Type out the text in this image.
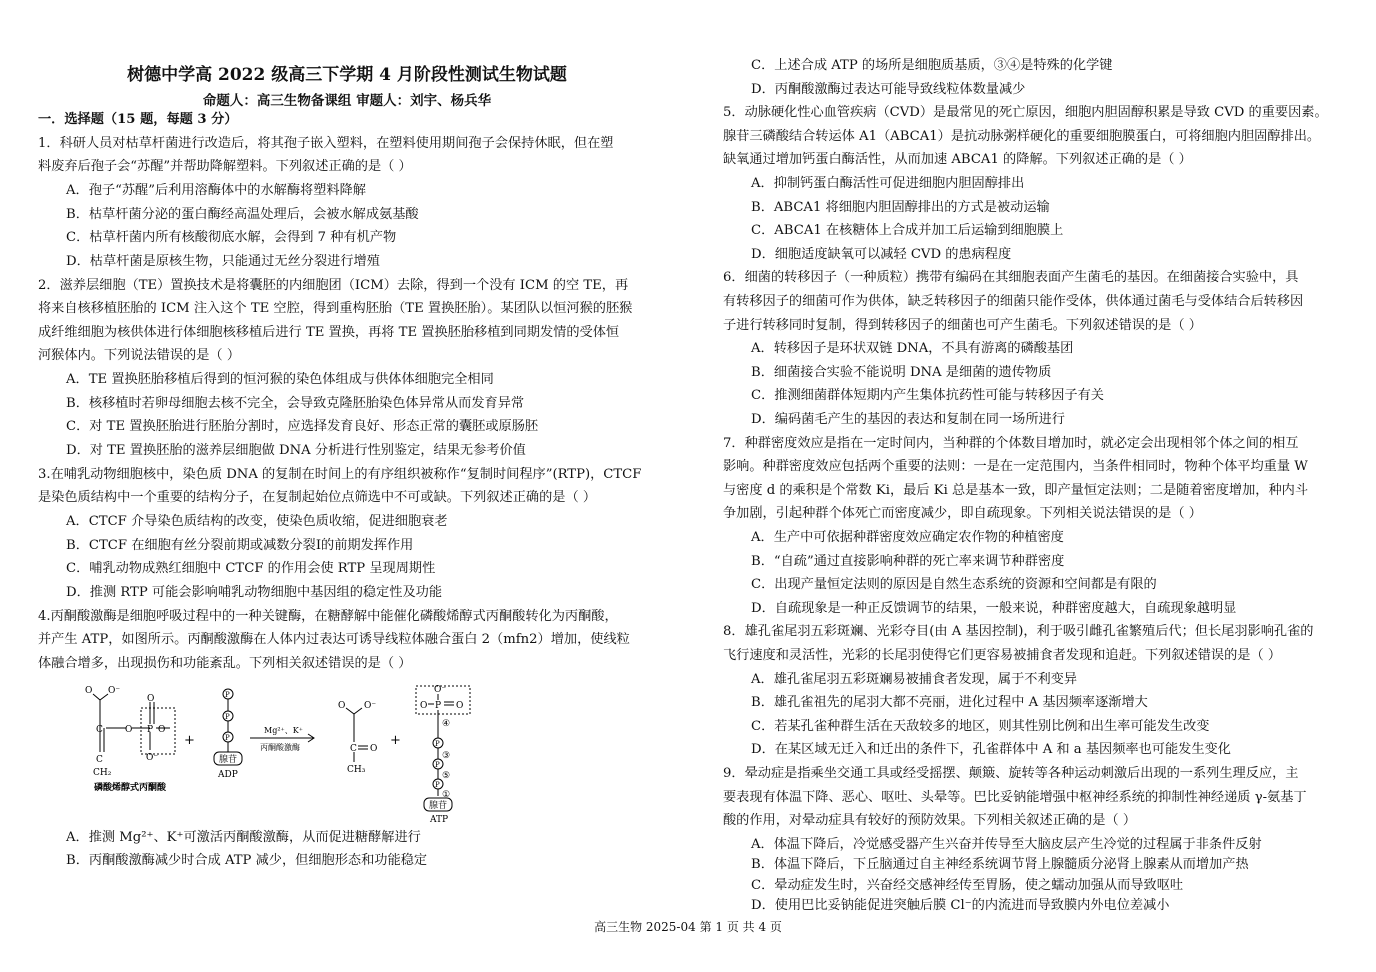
树德中学高 2022 级高三下学期 4 月阶段性测试生物试题
命题人：高三生物备课组 审题人：刘宇、杨兵华
一．选择题（15 题，每题 3 分）
1．科研人员对枯草杆菌进行改造后，将其孢子嵌入塑料，在塑料使用期间孢子会保持休眠，但在塑
料废弃后孢子会“苏醒”并帮助降解塑料。下列叙述正确的是（ ）
A．孢子“苏醒”后利用溶酶体中的水解酶将塑料降解
B．枯草杆菌分泌的蛋白酶经高温处理后，会被水解成氨基酸
C．枯草杆菌内所有核酸彻底水解，会得到 7 种有机产物
D．枯草杆菌是原核生物，只能通过无丝分裂进行增殖
2．滋养层细胞（TE）置换技术是将囊胚的内细胞团（ICM）去除，得到一个没有 ICM 的空 TE，再
将来自核移植胚胎的 ICM 注入这个 TE 空腔，得到重构胚胎（TE 置换胚胎）。某团队以恒河猴的胚猴
成纤维细胞为核供体进行体细胞核移植后进行 TE 置换，再将 TE 置换胚胎移植到同期发情的受体恒
河猴体内。下列说法错误的是（ ）
A．TE 置换胚胎移植后得到的恒河猴的染色体组成与供体体细胞完全相同
B．核移植时若卵母细胞去核不完全，会导致克隆胚胎染色体异常从而发育异常
C．对 TE 置换胚胎进行胚胎分割时，应选择发育良好、形态正常的囊胚或原肠胚
D．对 TE 置换胚胎的滋养层细胞做 DNA 分析进行性别鉴定，结果无参考价值
3.在哺乳动物细胞核中，染色质 DNA 的复制在时间上的有序组织被称作“复制时间程序”(RTP)，CTCF
是染色质结构中一个重要的结构分子，在复制起始位点筛选中不可或缺。下列叙述正确的是（ ）
A．CTCF 介导染色质结构的改变，使染色质收缩，促进细胞衰老
B．CTCF 在细胞有丝分裂前期或减数分裂Ⅰ的前期发挥作用
C．哺乳动物成熟红细胞中 CTCF 的作用会使 RTP 呈现周期性
D．推测 RTP 可能会影响哺乳动物细胞中基因组的稳定性及功能
4.丙酮酸激酶是细胞呼吸过程中的一种关键酶，在糖酵解中能催化磷酸烯醇式丙酮酸转化为丙酮酸，
并产生 ATP，如图所示。丙酮酸激酶在人体内过表达可诱导线粒体融合蛋白 2（mfn2）增加，使线粒
体融合增多，出现损伤和功能紊乱。下列相关叙述错误的是（ ）
A．推测 Mg²⁺、K⁺可激活丙酮酸激酶，从而促进糖酵解进行
B．丙酮酸激酶减少时合成 ATP 减少，但细胞形态和功能稳定
C．上述合成 ATP 的场所是细胞质基质，③④是特殊的化学键
D．丙酮酸激酶过表达可能导致线粒体数量减少
5．动脉硬化性心血管疾病（CVD）是最常见的死亡原因，细胞内胆固醇积累是导致 CVD 的重要因素。
腺苷三磷酸结合转运体 A1（ABCA1）是抗动脉粥样硬化的重要细胞膜蛋白，可将细胞内胆固醇排出。
缺氧通过增加钙蛋白酶活性，从而加速 ABCA1 的降解。下列叙述正确的是（ ）
A．抑制钙蛋白酶活性可促进细胞内胆固醇排出
B．ABCA1 将细胞内胆固醇排出的方式是被动运输
C．ABCA1 在核糖体上合成并加工后运输到细胞膜上
D．细胞适度缺氧可以减轻 CVD 的患病程度
6．细菌的转移因子（一种质粒）携带有编码在其细胞表面产生菌毛的基因。在细菌接合实验中，具
有转移因子的细菌可作为供体，缺乏转移因子的细菌只能作受体，供体通过菌毛与受体结合后转移因
子进行转移同时复制，得到转移因子的细菌也可产生菌毛。下列叙述错误的是（ ）
A．转移因子是环状双链 DNA，不具有游离的磷酸基团
B．细菌接合实验不能说明 DNA 是细菌的遗传物质
C．推测细菌群体短期内产生集体抗药性可能与转移因子有关
D．编码菌毛产生的基因的表达和复制在同一场所进行
7．种群密度效应是指在一定时间内，当种群的个体数目增加时，就必定会出现相邻个体之间的相互
影响。种群密度效应包括两个重要的法则：一是在一定范围内，当条件相同时，物种个体平均重量 W
与密度 d 的乘积是个常数 Ki，最后 Ki 总是基本一致，即产量恒定法则；二是随着密度增加，种内斗
争加剧，引起种群个体死亡而密度减少，即自疏现象。下列相关说法错误的是（ ）
A．生产中可依据种群密度效应确定农作物的种植密度
B．“自疏”通过直接影响种群的死亡率来调节种群密度
C．出现产量恒定法则的原因是自然生态系统的资源和空间都是有限的
D．自疏现象是一种正反馈调节的结果，一般来说，种群密度越大，自疏现象越明显
8．雄孔雀尾羽五彩斑斓、光彩夺目(由 A 基因控制)，利于吸引雌孔雀繁殖后代；但长尾羽影响孔雀的
飞行速度和灵活性，光彩的长尾羽使得它们更容易被捕食者发现和追赶。下列叙述错误的是（ ）
A．雄孔雀尾羽五彩斑斓易被捕食者发现，属于不利变异
B．雄孔雀祖先的尾羽大都不亮丽，进化过程中 A 基因频率逐渐增大
C．若某孔雀种群生活在天敌较多的地区，则其性别比例和出生率可能发生改变
D．在某区域无迁入和迁出的条件下，孔雀群体中 A 和 a 基因频率也可能发生变化
9．晕动症是指乘坐交通工具或经受摇摆、颠簸、旋转等各种运动刺激后出现的一系列生理反应，主
要表现有体温下降、恶心、呕吐、头晕等。巴比妥钠能增强中枢神经系统的抑制性神经递质 γ-氨基丁
酸的作用，对晕动症具有较好的预防效果。下列相关叙述正确的是（ ）
A．体温下降后，冷觉感受器产生兴奋并传导至大脑皮层产生冷觉的过程属于非条件反射
B．体温下降后，下丘脑通过自主神经系统调节肾上腺髓质分泌肾上腺素从而增加产热
C．晕动症发生时，兴奋经交感神经传至胃肠，使之蠕动加强从而导致呕吐
D．使用巴比妥钠能促进突触后膜 Cl⁻的内流进而导致膜内外电位差减小
O O⁻
C O
O
P O⁻
O⁻
C
CH₂
磷酸烯醇式丙酮酸
+
P
P
P
腺苷
ADP
Mg²⁺、K⁺
丙酮酸激酶
O O⁻
C O
CH₃
+
O⁻
O P O
④
P
③
P
⑤
P
①
腺苷
ATP
高三生物 2025-04 第 1 页 共 4 页
